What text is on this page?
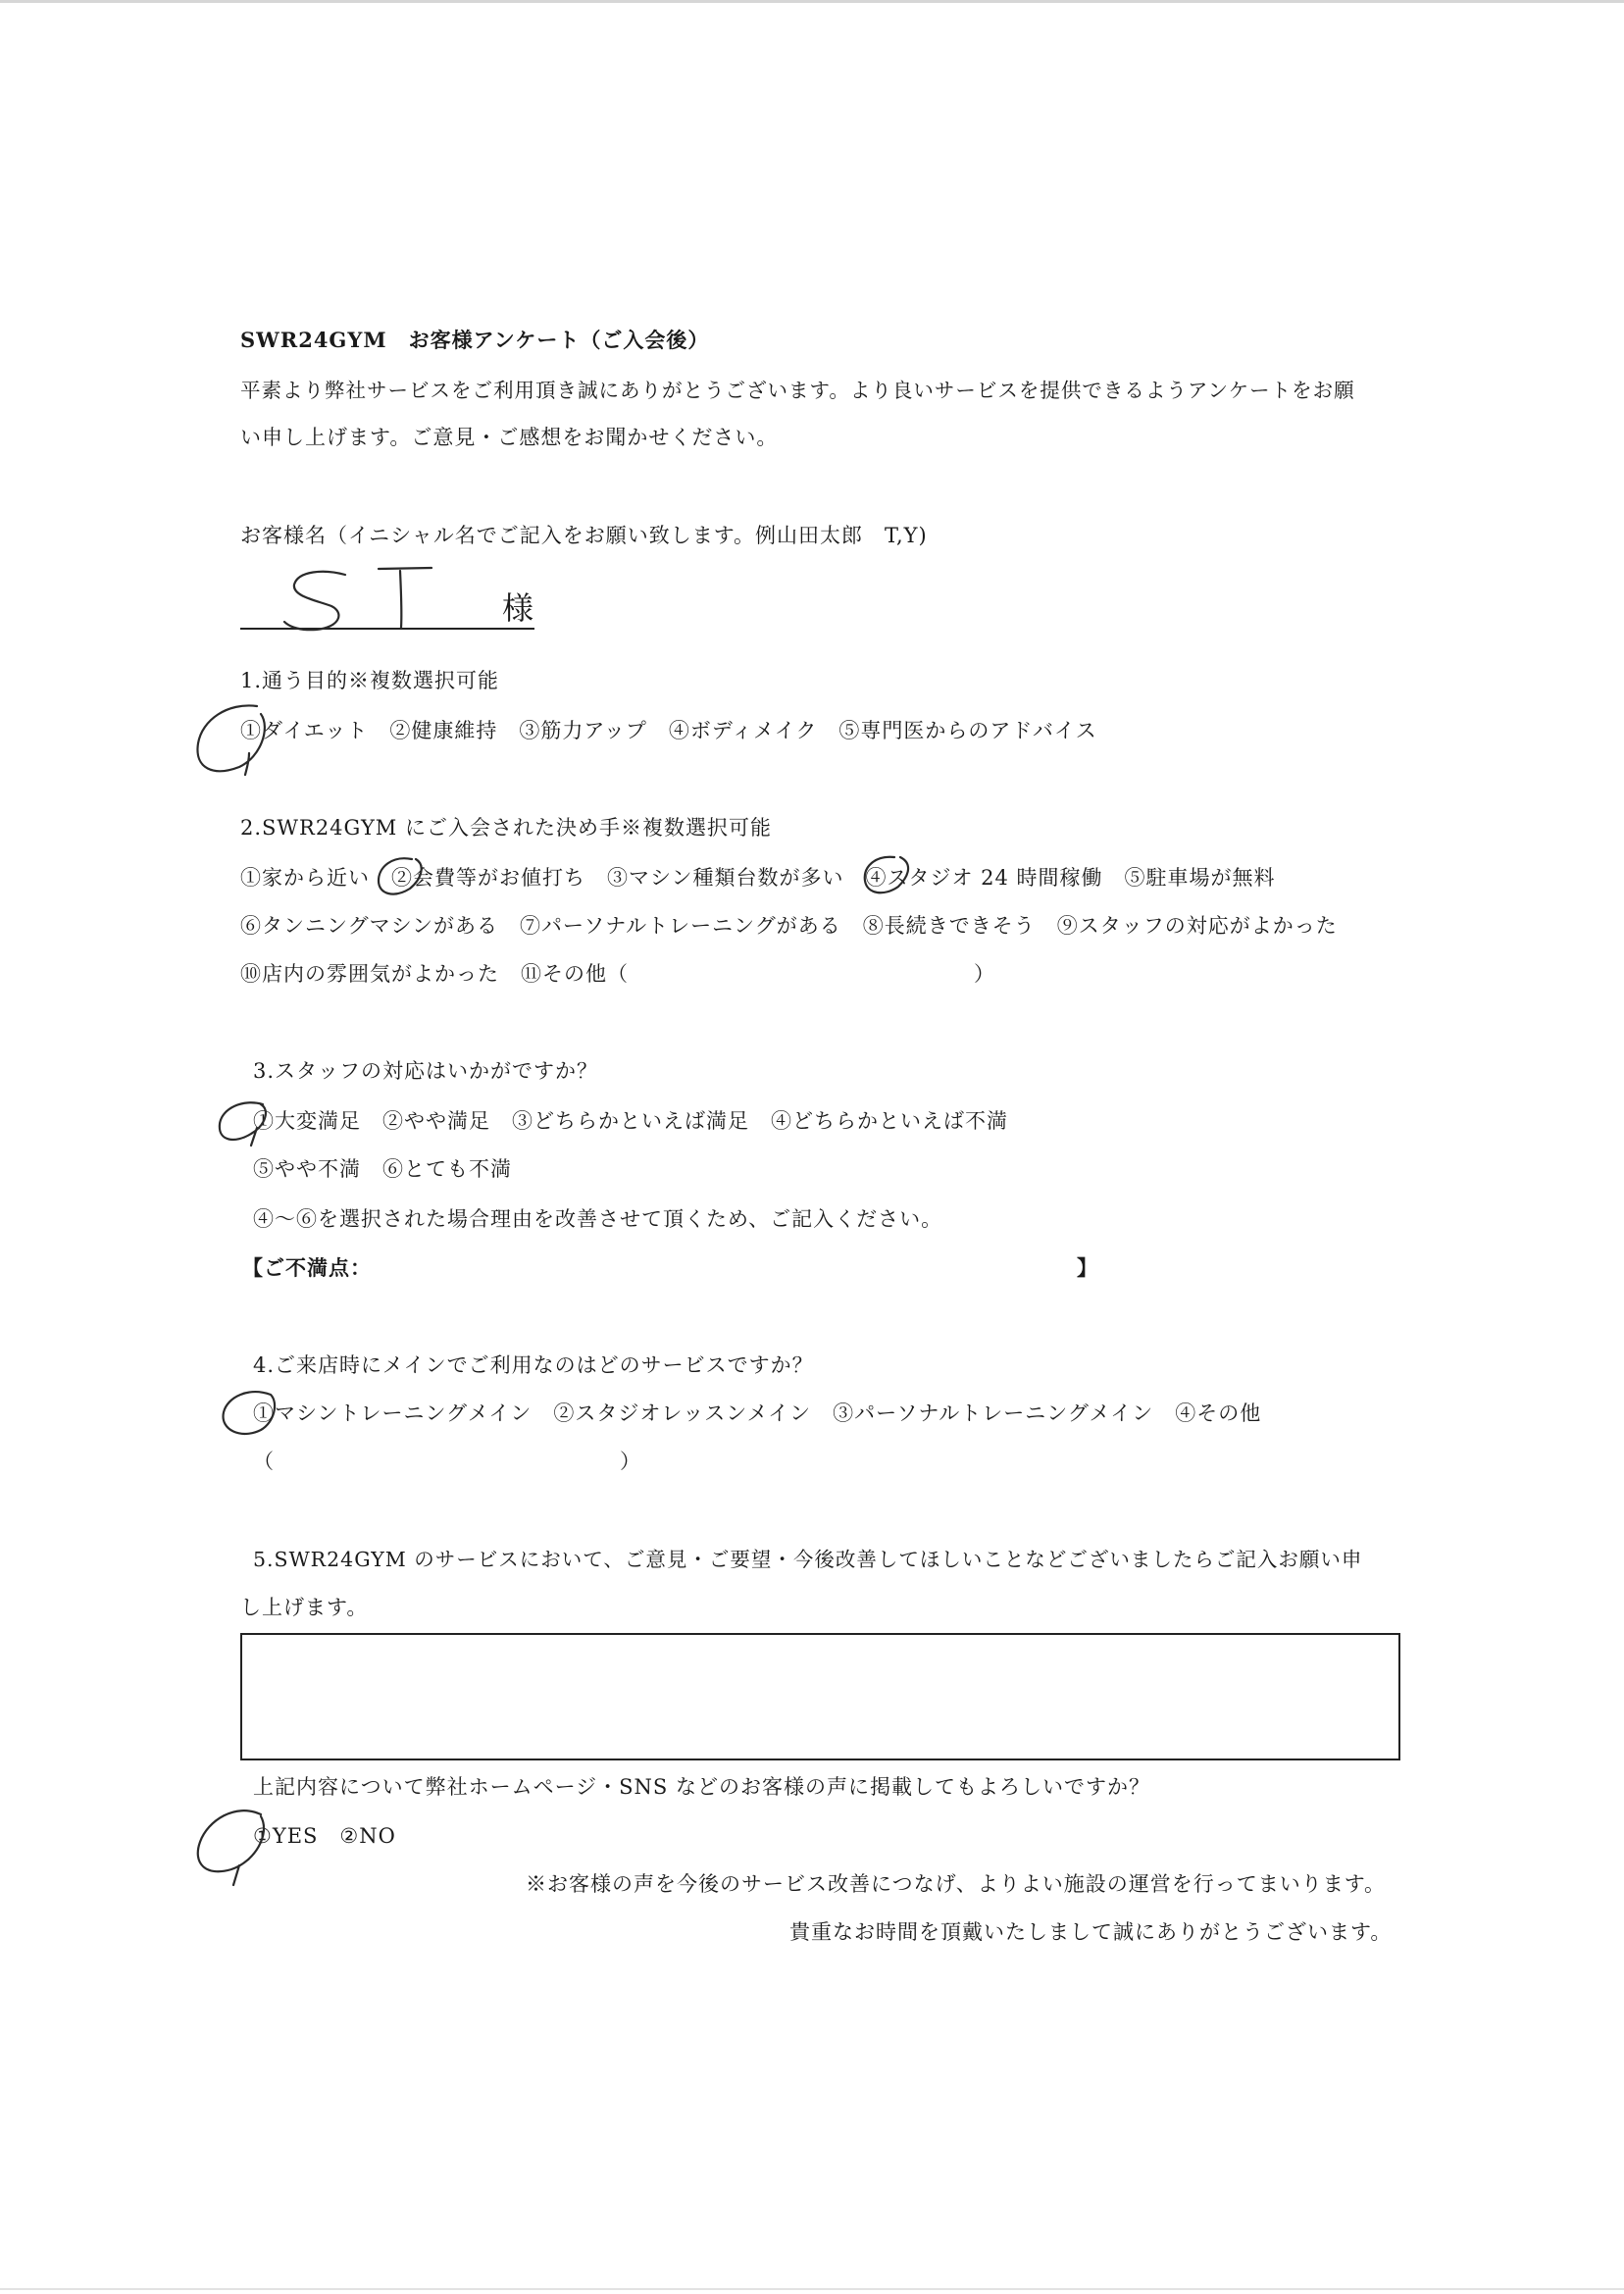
SWR24GYM　お客様アンケート（ご入会後）
平素より弊社サービスをご利用頂き誠にありがとうございます。より良いサービスを提供できるようアンケートをお願
い申し上げます。ご意見・ご感想をお聞かせください。
お客様名（イニシャル名でご記入をお願い致します。例山田太郎　T,Y)
様
1.通う目的※複数選択可能
①ダイエット　②健康維持　③筋力アップ　④ボディメイク　⑤専門医からのアドバイス
2.SWR24GYM にご入会された決め手※複数選択可能
①家から近い　②会費等がお値打ち　③マシン種類台数が多い　④スタジオ 24 時間稼働　⑤駐車場が無料
⑥タンニングマシンがある　⑦パーソナルトレーニングがある　⑧長続きできそう　⑨スタッフの対応がよかった
⑩店内の雰囲気がよかった　⑪その他（　　　　　　　　　　　　　　　　）
3.スタッフの対応はいかがですか？
①大変満足　②やや満足　③どちらかといえば満足　④どちらかといえば不満
⑤やや不満　⑥とても不満
④～⑥を選択された場合理由を改善させて頂くため、ご記入ください。
【ご不満点：	】
4.ご来店時にメインでご利用なのはどのサービスですか？
①マシントレーニングメイン　②スタジオレッスンメイン　③パーソナルトレーニングメイン　④その他
（　　　　　　　　　　　　　　　　）
5.SWR24GYM のサービスにおいて、ご意見・ご要望・今後改善してほしいことなどございましたらご記入お願い申
し上げます。
上記内容について弊社ホームページ・SNS などのお客様の声に掲載してもよろしいですか？
①YES　②NO
※お客様の声を今後のサービス改善につなげ、よりよい施設の運営を行ってまいります。
貴重なお時間を頂戴いたしまして誠にありがとうございます。
